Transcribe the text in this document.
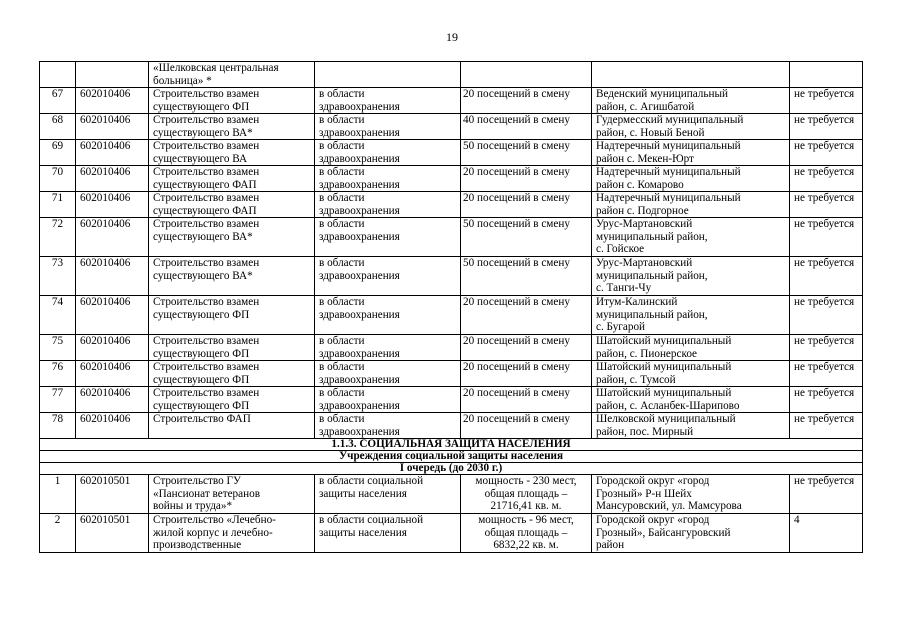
19

		«Шелковская центральная
больница» *				

67	602010406	Строительство взамен
существующего ФП	в области
здравоохранения	20 посещений в смену	Веденский муниципальный
район, с. Агишбатой	не требуется
68	602010406	Строительство взамен
существующего ВА*	в области
здравоохранения	40 посещений в смену	Гудермесский муниципальный
район, с. Новый Беной	не требуется
69	602010406	Строительство взамен
существующего ВА	в области
здравоохранения	50 посещений в смену	Надтеречный муниципальный
район с. Мекен-Юрт	не требуется
70	602010406	Строительство взамен
существующего ФАП	в области
здравоохранения	20 посещений в смену	Надтеречный муниципальный
район с. Комарово	не требуется
71	602010406	Строительство взамен
существующего ФАП	в области
здравоохранения	20 посещений в смену	Надтеречный муниципальный
район с. Подгорное	не требуется
72	602010406	Строительство взамен
существующего ВА*	в области
здравоохранения	50 посещений в смену	Урус-Мартановский
муниципальный район,
с. Гойское	не требуется
73	602010406	Строительство взамен
существующего ВА*	в области
здравоохранения	50 посещений в смену	Урус-Мартановский
муниципальный район,
с. Танги-Чу	не требуется
74	602010406	Строительство взамен
существующего ФП	в области
здравоохранения	20 посещений в смену	Итум-Калинский
муниципальный район,
с. Бугарой	не требуется
75	602010406	Строительство взамен
существующего ФП	в области
здравоохранения	20 посещений в смену	Шатойский муниципальный
район, с. Пионерское	не требуется
76	602010406	Строительство взамен
существующего ФП	в области
здравоохранения	20 посещений в смену	Шатойский муниципальный
район, с. Тумсой	не требуется
77	602010406	Строительство взамен
существующего ФП	в области
здравоохранения	20 посещений в смену	Шатойский муниципальный
район, с. Асланбек-Шарипово	не требуется
78	602010406	Строительство ФАП	в области
здравоохранения	20 посещений в смену	Шелковской муниципальный
район, пос. Мирный	не требуется
1.1.3. СОЦИАЛЬНАЯ ЗАЩИТА НАСЕЛЕНИЯ						
Учреждения социальной защиты населения						
I очередь (до 2030 г.)						
1	602010501	Строительство ГУ
«Пансионат ветеранов
войны и труда»*	в области социальной
защиты населения	мощность - 230 мест,
общая площадь –
21716,41 кв. м.	Городской округ «город
Грозный» Р-н Шейх
Мансуровский, ул. Мамсурова	не требуется
2	602010501	Строительство «Лечебно-
жилой корпус и лечебно-
производственные	в области социальной
защиты населения	мощность - 96 мест,
общая площадь –
6832,22 кв. м.	Городской округ «город
Грозный», Байсангуровский
район	4
